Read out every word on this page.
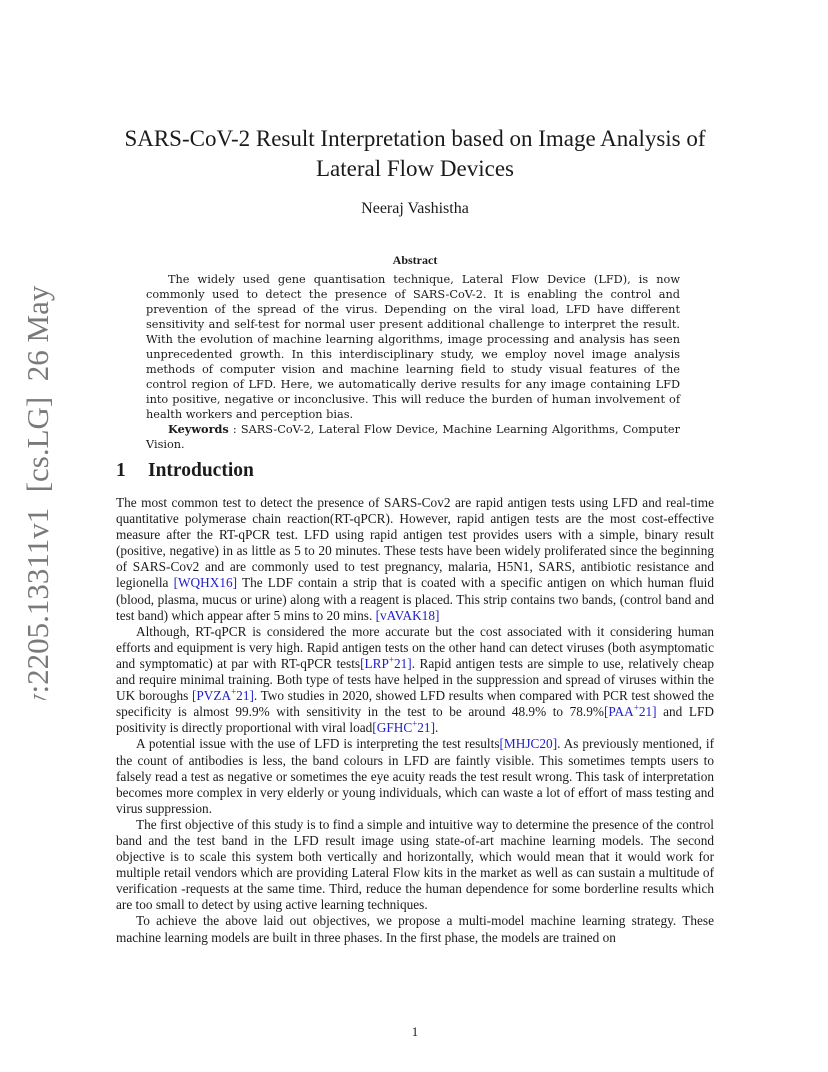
arXiv:2205.13311v1  [cs.LG]  26 May 2022
SARS-CoV-2 Result Interpretation based on Image Analysis of Lateral Flow Devices
Neeraj Vashistha
Abstract

The widely used gene quantisation technique, Lateral Flow Device (LFD), is now commonly used to detect the presence of SARS-CoV-2. It is enabling the control and prevention of the spread of the virus. Depending on the viral load, LFD have different sensitivity and self-test for normal user present additional challenge to interpret the result. With the evolution of machine learning algorithms, image processing and analysis has seen unprecedented growth. In this interdisciplinary study, we employ novel image analysis methods of computer vision and machine learning field to study visual features of the control region of LFD. Here, we automatically derive results for any image containing LFD into positive, negative or inconclusive. This will reduce the burden of human involvement of health workers and perception bias.

Keywords : SARS-CoV-2, Lateral Flow Device, Machine Learning Algorithms, Computer Vision.

1 Introduction

The most common test to detect the presence of SARS-Cov2 are rapid antigen tests using LFD and real-time quantitative polymerase chain reaction(RT-qPCR). However, rapid antigen tests are the most cost-effective measure after the RT-qPCR test. LFD using rapid antigen test provides users with a simple, binary result (positive, negative) in as little as 5 to 20 minutes. These tests have been widely proliferated since the beginning of SARS-Cov2 and are commonly used to test pregnancy, malaria, H5N1, SARS, antibiotic resistance and legionella [WQHX16] The LDF contain a strip that is coated with a specific antigen on which human fluid (blood, plasma, mucus or urine) along with a reagent is placed. This strip contains two bands, (control band and test band) which appear after 5 mins to 20 mins. [vAVAK18]

Although, RT-qPCR is considered the more accurate but the cost associated with it considering human efforts and equipment is very high. Rapid antigen tests on the other hand can detect viruses (both asymptomatic and symptomatic) at par with RT-qPCR tests[LRP+21]. Rapid antigen tests are simple to use, relatively cheap and require minimal training. Both type of tests have helped in the suppression and spread of viruses within the UK boroughs [PVZA+21]. Two studies in 2020, showed LFD results when compared with PCR test showed the specificity is almost 99.9% with sensitivity in the test to be around 48.9% to 78.9%[PAA+21] and LFD positivity is directly proportional with viral load[GFHC+21].

A potential issue with the use of LFD is interpreting the test results[MHJC20]. As previously mentioned, if the count of antibodies is less, the band colours in LFD are faintly visible. This sometimes tempts users to falsely read a test as negative or sometimes the eye acuity reads the test result wrong. This task of interpretation becomes more complex in very elderly or young individuals, which can waste a lot of effort of mass testing and virus suppression.

The first objective of this study is to find a simple and intuitive way to determine the presence of the control band and the test band in the LFD result image using state-of-art machine learning models. The second objective is to scale this system both vertically and horizontally, which would mean that it would work for multiple retail vendors which are providing Lateral Flow kits in the market as well as can sustain a multitude of verification -requests at the same time. Third, reduce the human dependence for some borderline results which are too small to detect by using active learning techniques.

To achieve the above laid out objectives, we propose a multi-model machine learning strategy. These machine learning models are built in three phases. In the first phase, the models are trained on

1
